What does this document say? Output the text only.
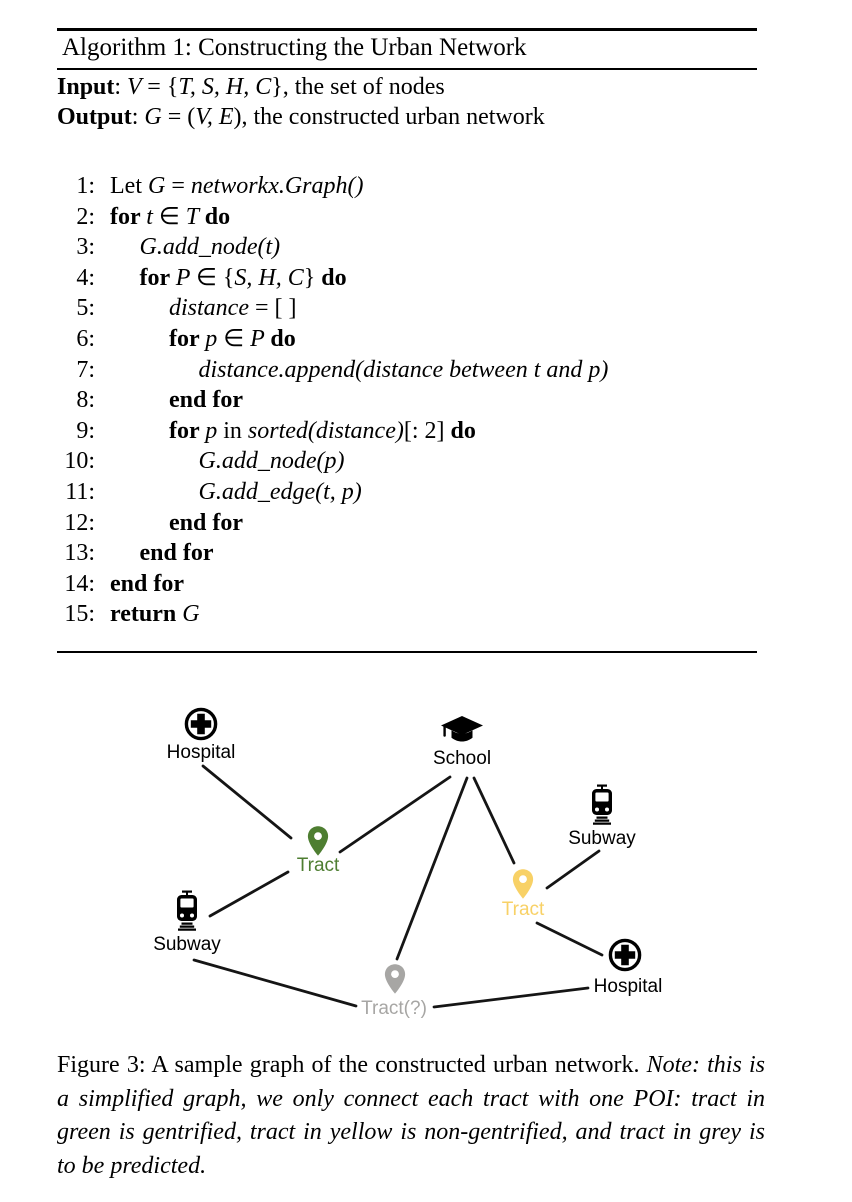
Algorithm 1: Constructing the Urban Network
Input: V = {T, S, H, C}, the set of nodes
Output: G = (V, E), the constructed urban network
1: Let G = networkx.Graph()
2: for t ∈ T do
3: G.add_node(t)
4: for P ∈ {S, H, C} do
5:	distance = [ ]
6:	for p ∈ P do
7:	distance.append(distance between t and p)
8:	end for
9:	for p in sorted(distance)[: 2] do
10:	G.add_node(p)
11:	G.add_edge(t, p)
12:	end for
13: end for
14: end for
15: return G
Hospital	School
Subway
Tract
Tract
Subway
Tract(?)
Hospital
Figure 3: A sample graph of the constructed urban network. Note: this is a simplified graph, we only connect each tract with one POI: tract in green is gentrified, tract in yellow is non-gentrified, and tract in grey is to be predicted.
